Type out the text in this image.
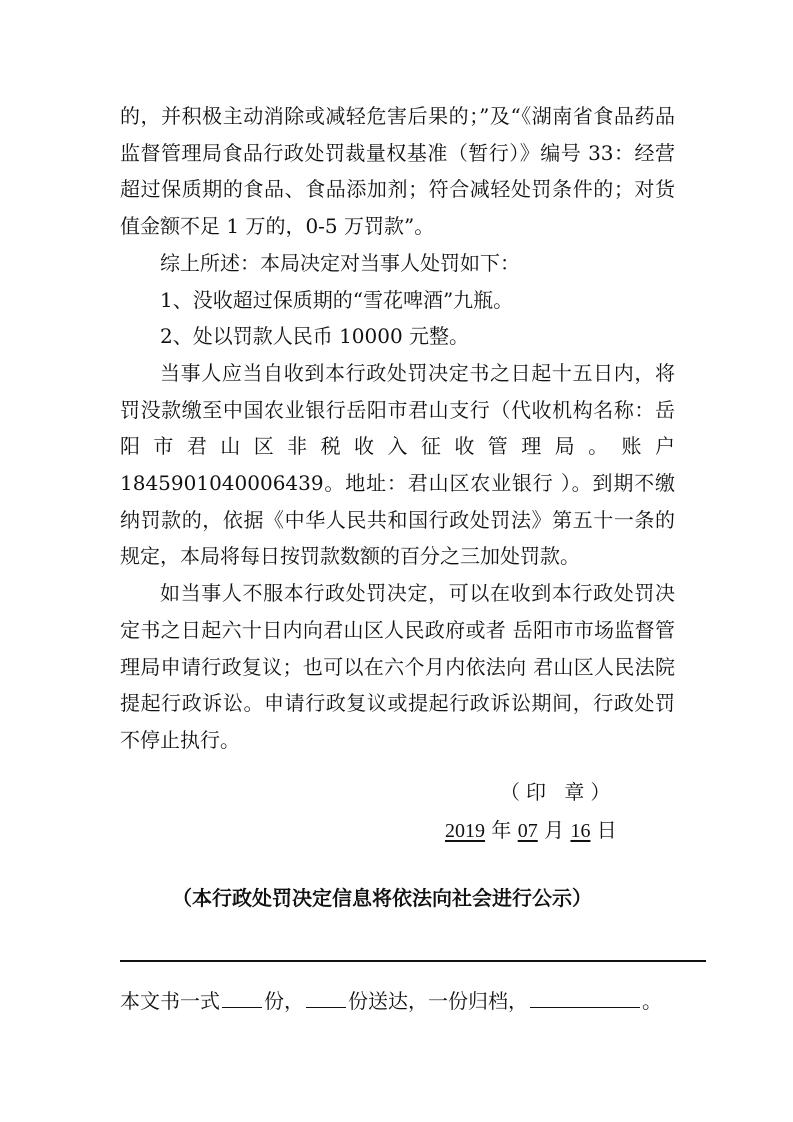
的，并积极主动消除或减轻危害后果的；”及“《湖南省食品药品监督管理局食品行政处罚裁量权基准（暂行）》编号 33：经营超过保质期的食品、食品添加剂；符合减轻处罚条件的；对货值金额不足 1 万的，0-5 万罚款”。

综上所述：本局决定对当事人处罚如下：

1、没收超过保质期的“雪花啤酒”九瓶。

2、处以罚款人民币 10000 元整。

当事人应当自收到本行政处罚决定书之日起十五日内，将罚没款缴至中国农业银行岳阳市君山支行（代收机构名称：岳阳市君山区非税收入征收管理局。账户 1845901040006439。地址：君山区农业银行 ）。到期不缴纳罚款的，依据《中华人民共和国行政处罚法》第五十一条的规定，本局将每日按罚款数额的百分之三加处罚款。

如当事人不服本行政处罚决定，可以在收到本行政处罚决定书之日起六十日内向君山区人民政府或者 岳阳市市场监督管理局申请行政复议；也可以在六个月内依法向 君山区人民法院提起行政诉讼。申请行政复议或提起行政诉讼期间，行政处罚不停止执行。

（印 章）
2019 年 07 月 16 日
（本行政处罚决定信息将依法向社会进行公示）
本文书一式 份， 份送达，一份归档，	。
